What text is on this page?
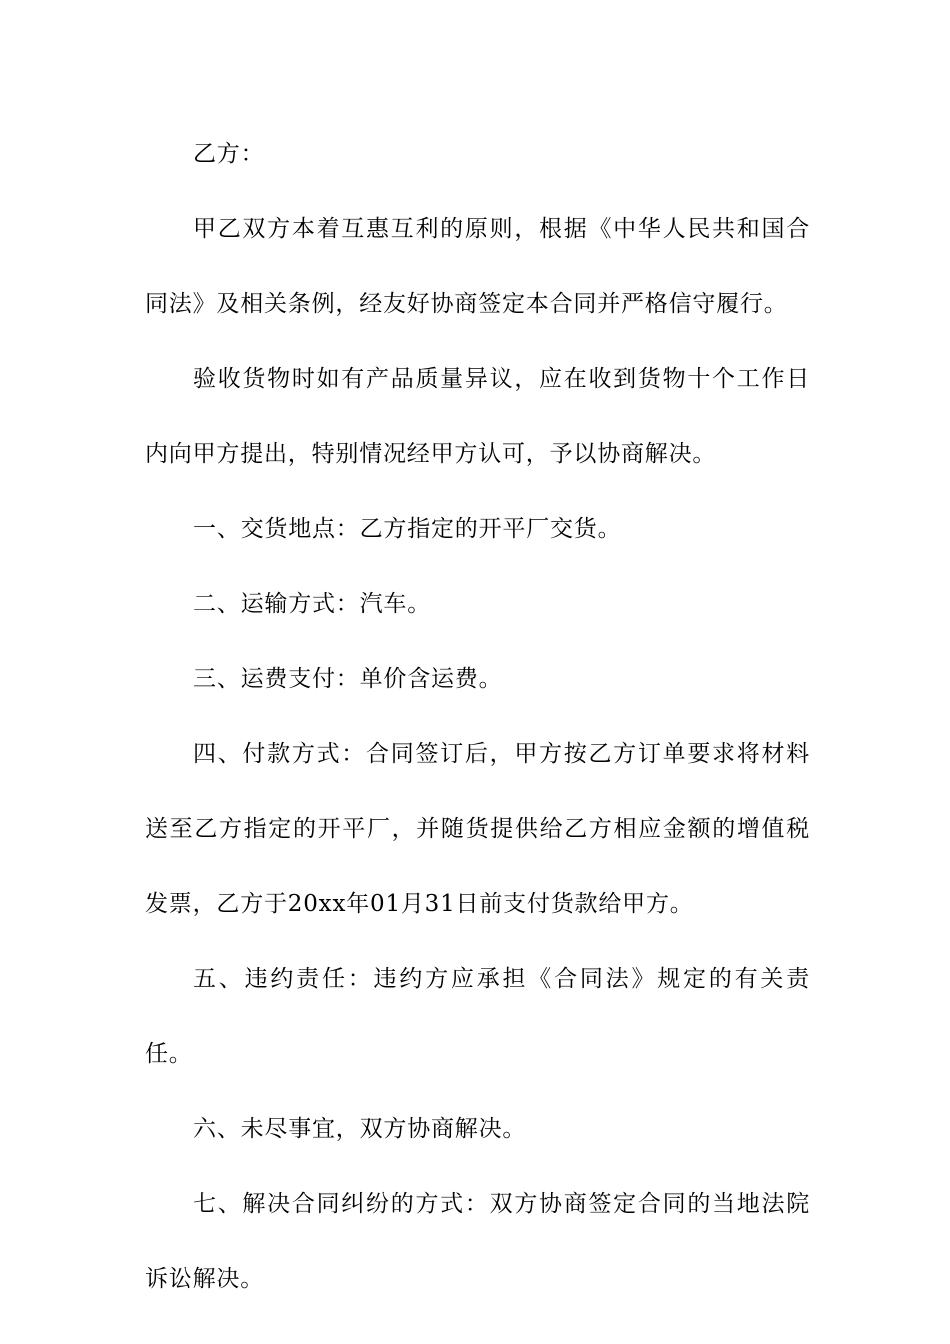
乙方：

甲乙双方本着互惠互利的原则，根据《中华人民共和国合同法》及相关条例，经友好协商签定本合同并严格信守履行。

验收货物时如有产品质量异议，应在收到货物十个工作日内向甲方提出，特别情况经甲方认可，予以协商解决。

一、交货地点：乙方指定的开平厂交货。

二、运输方式：汽车。

三、运费支付：单价含运费。

四、付款方式：合同签订后，甲方按乙方订单要求将材料送至乙方指定的开平厂，并随货提供给乙方相应金额的增值税发票，乙方于20xx年01月31日前支付货款给甲方。

五、违约责任：违约方应承担《合同法》规定的有关责任。

六、未尽事宜，双方协商解决。

七、解决合同纠纷的方式：双方协商签定合同的当地法院诉讼解决。
